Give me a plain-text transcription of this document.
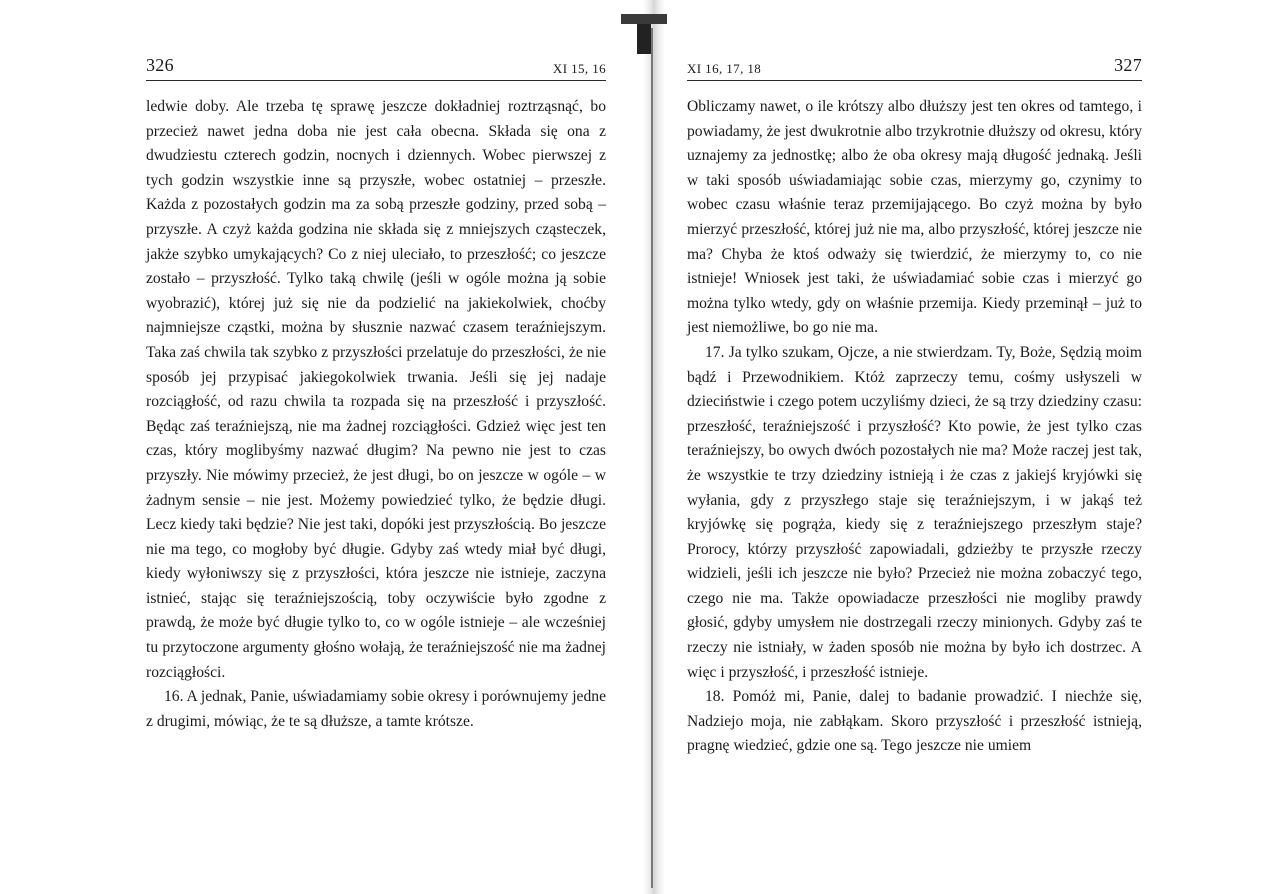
326	XI 15, 16

ledwie doby. Ale trzeba tę sprawę jeszcze dokładniej roztrząsnąć, bo przecież nawet jedna doba nie jest cała obecna. Składa się ona z dwudziestu czterech godzin, nocnych i dziennych. Wobec pierwszej z tych godzin wszystkie inne są przyszłe, wobec ostatniej – przeszłe. Każda z pozostałych godzin ma za sobą przeszłe godziny, przed sobą – przyszłe. A czyż każda godzina nie składa się z mniejszych cząsteczek, jakże szybko umykających? Co z niej uleciało, to przeszłość; co jeszcze zostało – przyszłość. Tylko taką chwilę (jeśli w ogóle można ją sobie wyobrazić), której już się nie da podzielić na jakiekolwiek, choćby najmniejsze cząstki, można by słusznie nazwać czasem teraźniejszym. Taka zaś chwila tak szybko z przyszłości przelatuje do przeszłości, że nie sposób jej przypisać jakiegokolwiek trwania. Jeśli się jej nadaje rozciągłość, od razu chwila ta rozpada się na przeszłość i przyszłość. Będąc zaś teraźniejszą, nie ma żadnej rozciągłości. Gdzież więc jest ten czas, który moglibyśmy nazwać długim? Na pewno nie jest to czas przyszły. Nie mówimy przecież, że jest długi, bo on jeszcze w ogóle – w żadnym sensie – nie jest. Możemy powiedzieć tylko, że będzie długi. Lecz kiedy taki będzie? Nie jest taki, dopóki jest przyszłością. Bo jeszcze nie ma tego, co mogłoby być długie. Gdyby zaś wtedy miał być długi, kiedy wyłoniwszy się z przyszłości, która jeszcze nie istnieje, zaczyna istnieć, stając się teraźniejszością, toby oczywiście było zgodne z prawdą, że może być długie tylko to, co w ogóle istnieje – ale wcześniej tu przytoczone argumenty głośno wołają, że teraźniejszość nie ma żadnej rozciągłości.

16. A jednak, Panie, uświadamiamy sobie okresy i porównujemy jedne z drugimi, mówiąc, że te są dłuższe, a tamte krótsze.

XI 16, 17, 18	327

Obliczamy nawet, o ile krótszy albo dłuższy jest ten okres od tamtego, i powiadamy, że jest dwukrotnie albo trzykrotnie dłuższy od okresu, który uznajemy za jednostkę; albo że oba okresy mają długość jednaką. Jeśli w taki sposób uświadamiając sobie czas, mierzymy go, czynimy to wobec czasu właśnie teraz przemijającego. Bo czyż można by było mierzyć przeszłość, której już nie ma, albo przyszłość, której jeszcze nie ma? Chyba że ktoś odważy się twierdzić, że mierzymy to, co nie istnieje! Wniosek jest taki, że uświadamiać sobie czas i mierzyć go można tylko wtedy, gdy on właśnie przemija. Kiedy przeminął – już to jest niemożliwe, bo go nie ma.

17. Ja tylko szukam, Ojcze, a nie stwierdzam. Ty, Boże, Sędzią moim bądź i Przewodnikiem. Któż zaprzeczy temu, cośmy usłyszeli w dzieciństwie i czego potem uczyliśmy dzieci, że są trzy dziedziny czasu: przeszłość, teraźniejszość i przyszłość? Kto powie, że jest tylko czas teraźniejszy, bo owych dwóch pozostałych nie ma? Może raczej jest tak, że wszystkie te trzy dziedziny istnieją i że czas z jakiejś kryjówki się wyłania, gdy z przyszłego staje się teraźniejszym, i w jakąś też kryjówkę się pogrąża, kiedy się z teraźniejszego przeszłym staje? Prorocy, którzy przyszłość zapowiadali, gdzieżby te przyszłe rzeczy widzieli, jeśli ich jeszcze nie było? Przecież nie można zobaczyć tego, czego nie ma. Także opowiadacze przeszłości nie mogliby prawdy głosić, gdyby umysłem nie dostrzegali rzeczy minionych. Gdyby zaś te rzeczy nie istniały, w żaden sposób nie można by było ich dostrzec. A więc i przyszłość, i przeszłość istnieje.

18. Pomóż mi, Panie, dalej to badanie prowadzić. I niechże się, Nadziejo moja, nie zabłąkam. Skoro przyszłość i przeszłość istnieją, pragnę wiedzieć, gdzie one są. Tego jeszcze nie umiem
